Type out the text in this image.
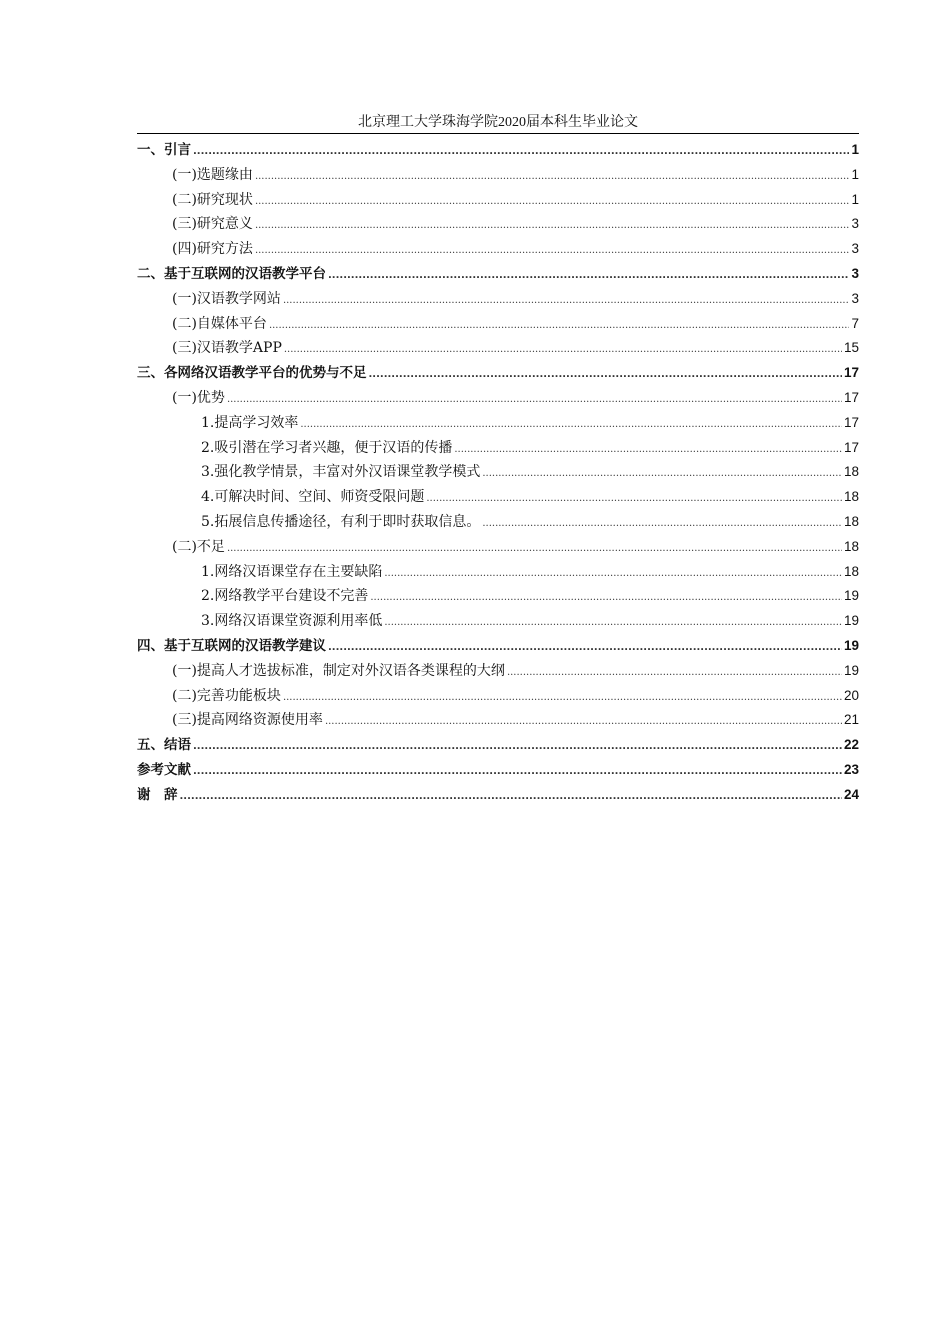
北京理工大学珠海学院2020届本科生毕业论文
一、引言 .....	1
(一)选题缘由 .....	1
(二)研究现状 .....	1
(三)研究意义 .....	3
(四)研究方法 .....	3
二、基于互联网的汉语教学平台 .....	3
(一)汉语教学网站 .....	3
(二)自媒体平台 .....	7
(三)汉语教学APP .....	15
三、各网络汉语教学平台的优势与不足 .....	17
(一)优势 .....	17
1.提高学习效率 .....	17
2.吸引潜在学习者兴趣，便于汉语的传播 .....	17
3.强化教学情景，丰富对外汉语课堂教学模式 .....	18
4.可解决时间、空间、师资受限问题 .....	18
5.拓展信息传播途径，有利于即时获取信息。 .....	18
(二)不足 .....	18
1.网络汉语课堂存在主要缺陷 .....	18
2.网络教学平台建设不完善 .....	19
3.网络汉语课堂资源利用率低 .....	19
四、基于互联网的汉语教学建议 .....	19
(一)提高人才选拔标准，制定对外汉语各类课程的大纲 .....	19
(二)完善功能板块 .....	20
(三)提高网络资源使用率 .....	21
五、结语 .....	22
参考文献 .....	23
谢　辞 .....	24
